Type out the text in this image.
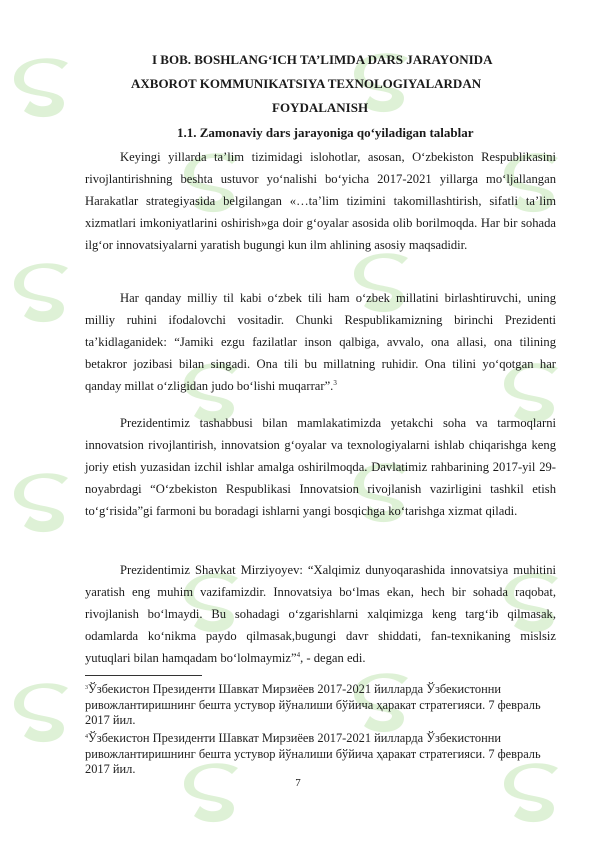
I BOB. BOSHLANG‘ICH TA’LIMDA DARS JARAYONIDA
AXBOROT KOMMUNIKATSIYA TEXNOLOGIYALARDAN
FOYDALANISH
1.1. Zamonaviy dars jarayoniga qo‘yiladigan talablar
Keyingi yillarda ta’lim tizimidagi islohotlar, asosan, O‘zbekiston Respublikasini rivojlantirishning beshta ustuvor yo‘nalishi bo‘yicha 2017-2021 yillarga mo‘ljallangan Harakatlar strategiyasida belgilangan «…ta’lim tizimini takomillashtirish, sifatli ta’lim xizmatlari imkoniyatlarini oshirish»ga doir g‘oyalar asosida olib borilmoqda. Har bir sohada ilg‘or innovatsiyalarni yaratish bugungi kun ilm ahlining asosiy maqsadidir.
Har qanday milliy til kabi o‘zbek tili ham o‘zbek millatini birlashtiruvchi, uning milliy ruhini ifodalovchi vositadir. Chunki Respublikamizning birinchi Prezidenti ta’kidlaganidek: “Jamiki ezgu fazilatlar inson qalbiga, avvalo, ona allasi, ona tilining betakror jozibasi bilan singadi. Ona tili bu millatning ruhidir. Ona tilini yo‘qotgan har qanday millat o‘zligidan judo bo‘lishi muqarrar”.$^3$
Prezidentimiz tashabbusi bilan mamlakatimizda yetakchi soha va tarmoqlarni innovatsion rivojlantirish, innovatsion g‘oyalar va texnologiyalarni ishlab chiqarishga keng joriy etish yuzasidan izchil ishlar amalga oshirilmoqda. Davlatimiz rahbarining 2017-yil 29-noyabrdagi “O‘zbekiston Respublikasi Innovatsion rivojlanish vazirligini tashkil etish to‘g‘risida”gi farmoni bu boradagi ishlarni yangi bosqichga ko‘tarishga xizmat qiladi.
Prezidentimiz Shavkat Mirziyoyev: “Xalqimiz dunyoqarashida innovatsiya muhitini yaratish eng muhim vazifamizdir. Innovatsiya bo‘lmas ekan, hech bir sohada raqobat, rivojlanish bo‘lmaydi. Bu sohadagi o‘zgarishlarni xalqimizga keng targ‘ib qilmasak, odamlarda ko‘nikma paydo qilmasak,bugungi davr shiddati, fan-texnikaning mislsiz yutuqlari bilan hamqadam bo‘lolmaymiz”$^4$, - degan edi.
$^3$Ўзбекистон Президенти Шавкат Мирзиёев 2017-2021 йилларда Ўзбекистонни ривожлантиришнинг бешта устувор йўналиши бўйича ҳаракат стратегияси. 7 февраль 2017 йил.
$^4$Ўзбекистон Президенти Шавкат Мирзиёев 2017-2021 йилларда Ўзбекистонни ривожлантиришнинг бешта устувор йўналиши бўйича ҳаракат стратегияси. 7 февраль 2017 йил.
7
